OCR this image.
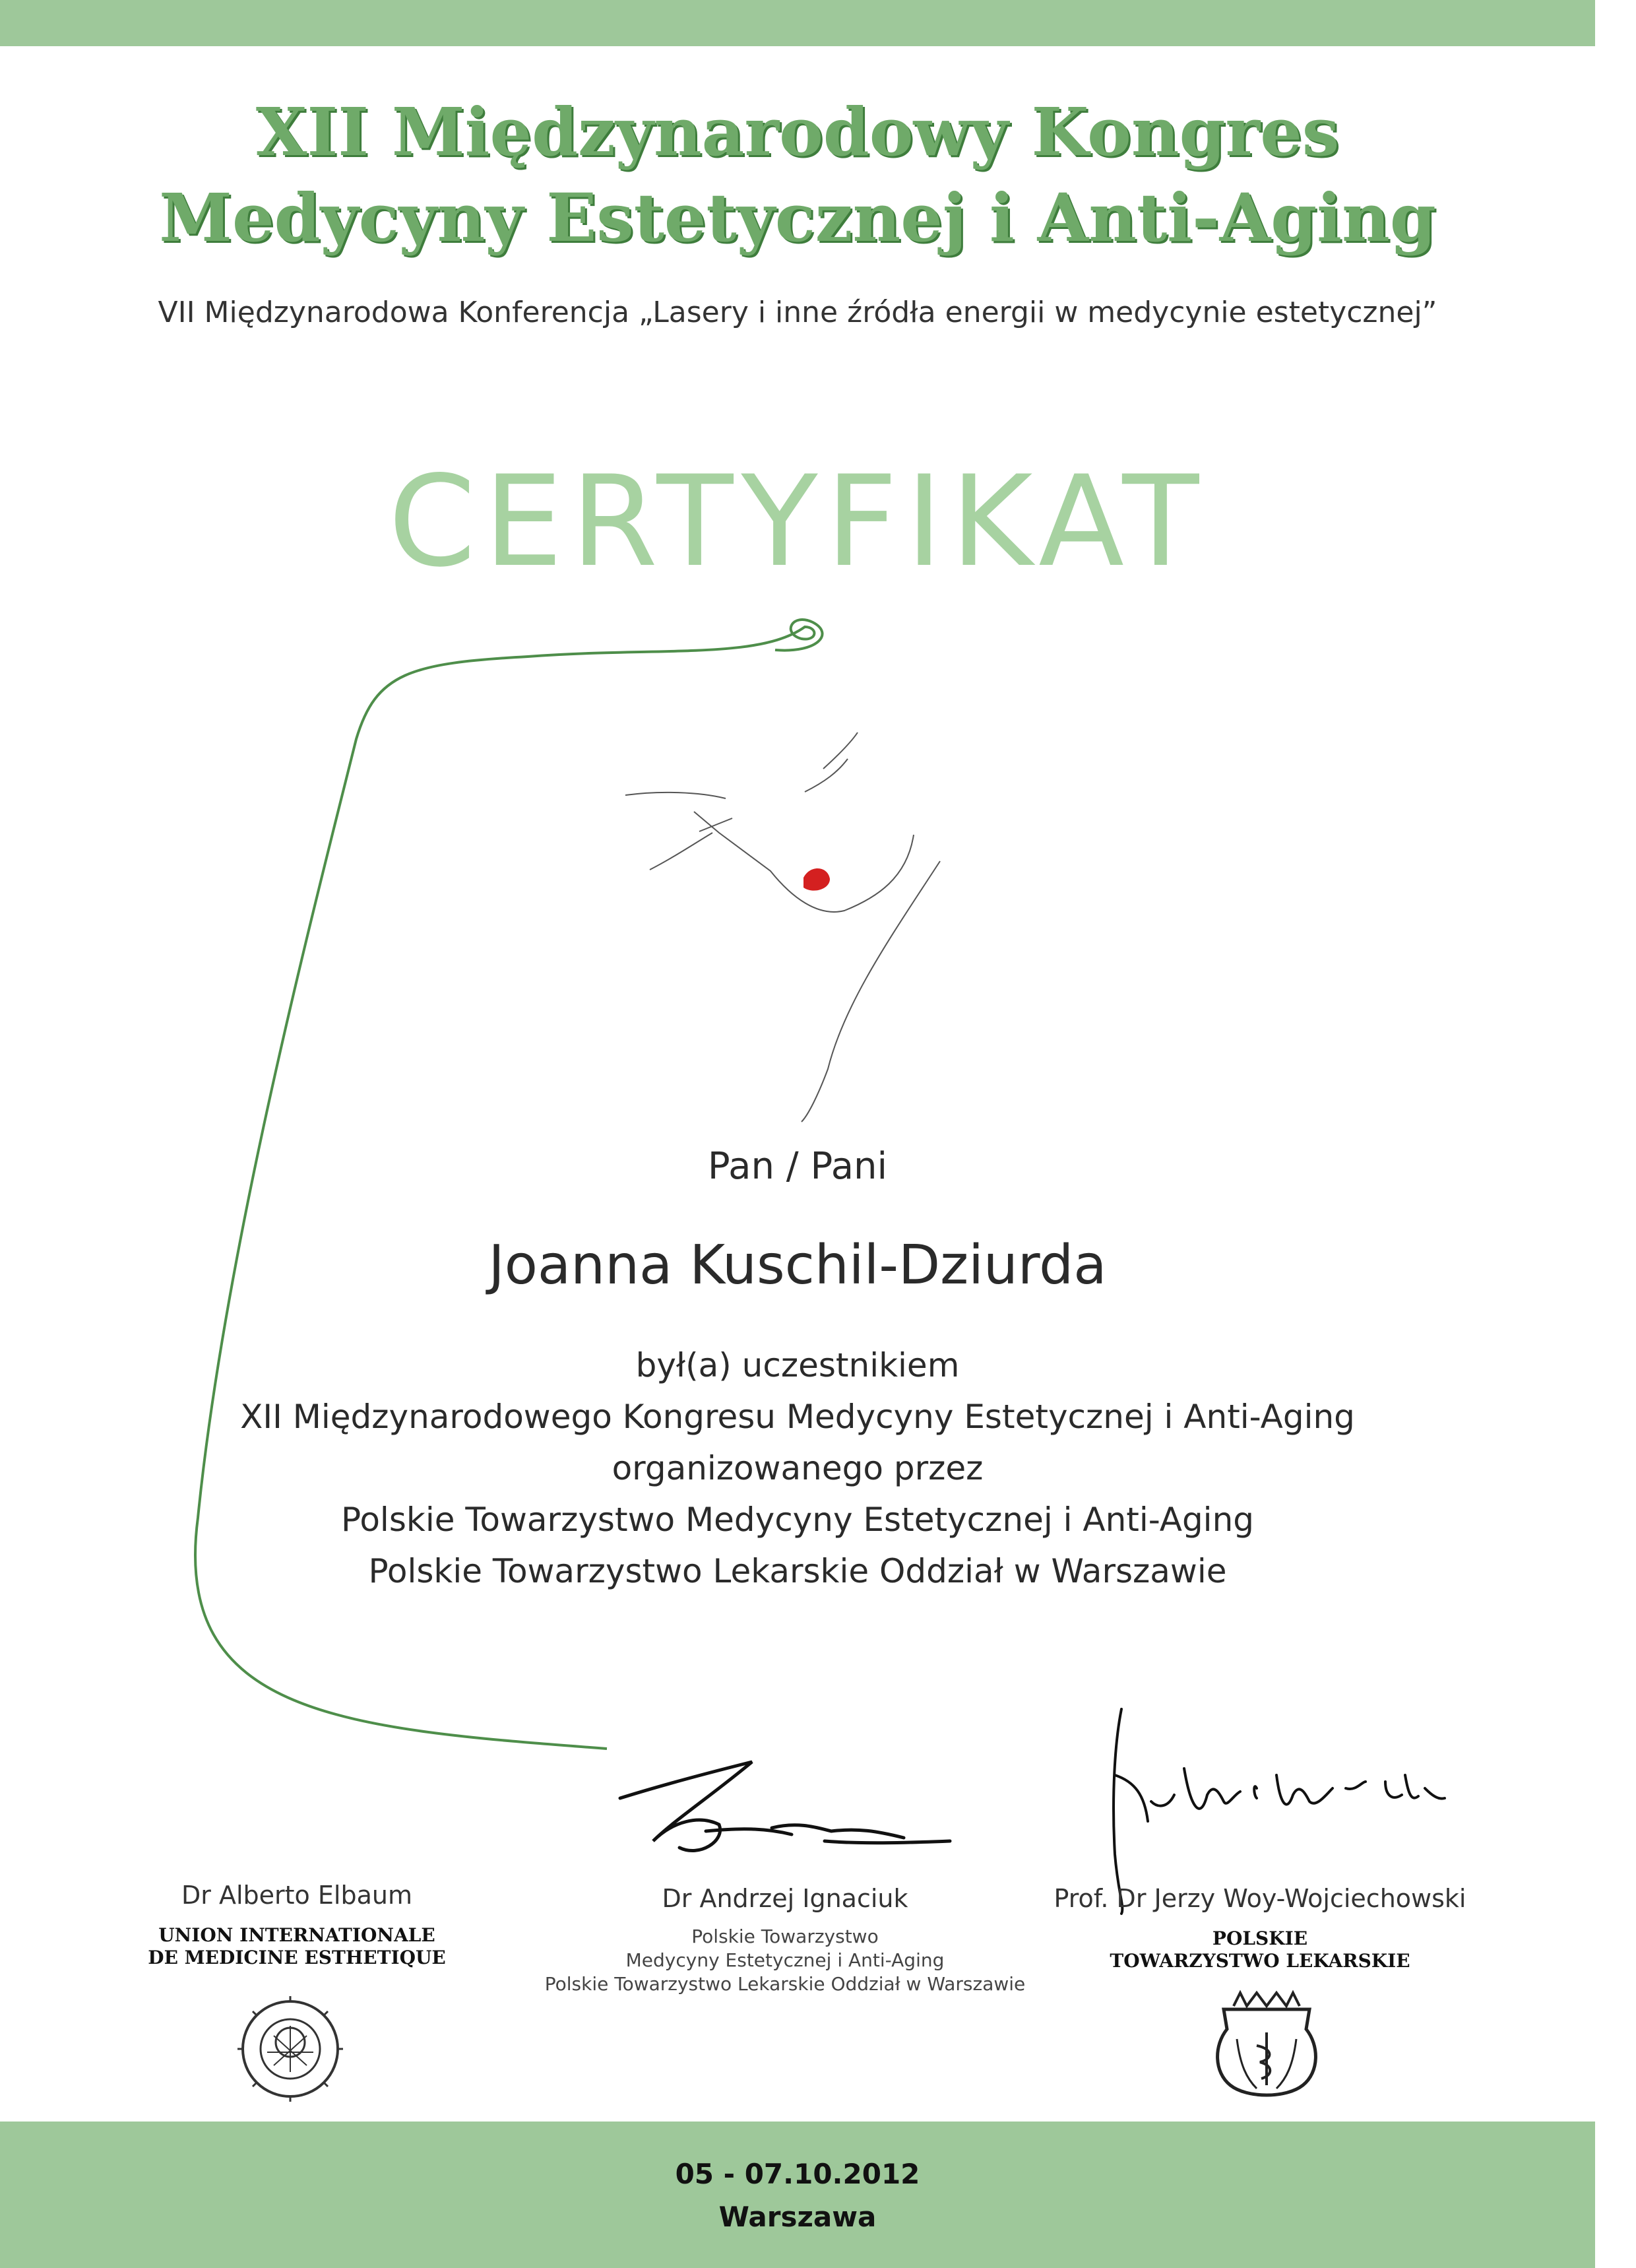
XII Międzynarodowy Kongres
Medycyny Estetycznej i Anti-Aging
VII Międzynarodowa Konferencja „Lasery i inne źródła energii w medycynie estetycznej”
CERTYFIKAT
Pan / Pani
Joanna Kuschil-Dziurda
był(a) uczestnikiem
XII Międzynarodowego Kongresu Medycyny Estetycznej i Anti-Aging
organizowanego przez
Polskie Towarzystwo Medycyny Estetycznej i Anti-Aging
Polskie Towarzystwo Lekarskie Oddział w Warszawie
Dr Alberto Elbaum
UNION INTERNATIONALE
DE MEDICINE ESTHETIQUE
Dr Andrzej Ignaciuk
Polskie Towarzystwo
Medycyny Estetycznej i Anti-Aging
Polskie Towarzystwo Lekarskie Oddział w Warszawie
Prof. Dr Jerzy Woy-Wojciechowski
POLSKIE
TOWARZYSTWO LEKARSKIE
05 - 07.10.2012
Warszawa
